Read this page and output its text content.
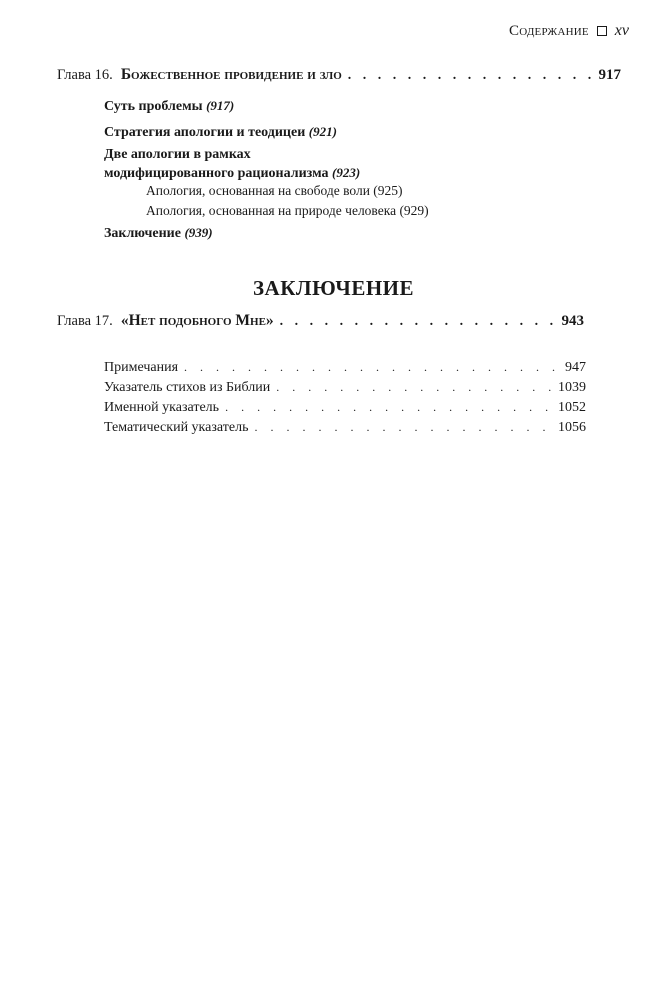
Содержание xv
Глава 16. Божественное провидение и зло . . .	917
Суть проблемы (917)
Стратегия апологии и теодицеи (921)
Две апологии в рамках
модифицированного рационализма (923)
Апология, основанная на свободе воли (925)
Апология, основанная на природе человека (929)
Заключение (939)
ЗАКЛЮЧЕНИЕ
Глава 17. «Нет подобного Мне» . . .	943
Примечания . . .	947
Указатель стихов из Библии . . .	1039
Именной указатель . . .	1052
Тематический указатель . . .	1056
